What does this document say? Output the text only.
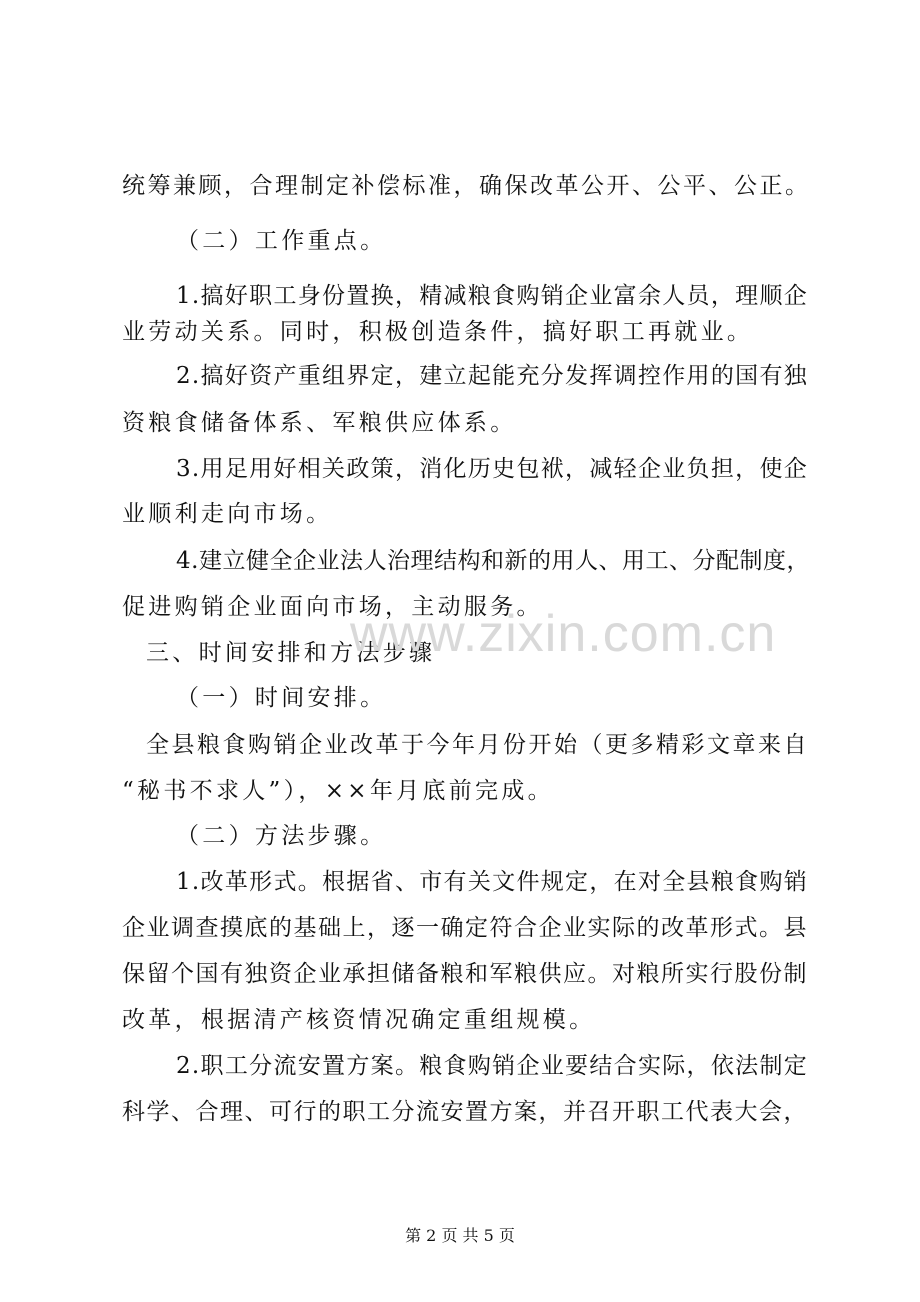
统筹兼顾，合理制定补偿标准，确保改革公开、公平、公正。
（二）工作重点。
1.搞好职工身份置换，精减粮食购销企业富余人员，理顺企
业劳动关系。同时，积极创造条件，搞好职工再就业。
2.搞好资产重组界定，建立起能充分发挥调控作用的国有独
资粮食储备体系、军粮供应体系。
3.用足用好相关政策，消化历史包袱，减轻企业负担，使企
业顺利走向市场。
4.建立健全企业法人治理结构和新的用人、用工、分配制度，
促进购销企业面向市场，主动服务。
三、时间安排和方法步骤
（一）时间安排。
全县粮食购销企业改革于今年月份开始（更多精彩文章来自
“秘书不求人”），××年月底前完成。
（二）方法步骤。
1.改革形式。根据省、市有关文件规定，在对全县粮食购销
企业调查摸底的基础上，逐一确定符合企业实际的改革形式。县
保留个国有独资企业承担储备粮和军粮供应。对粮所实行股份制
改革，根据清产核资情况确定重组规模。
2.职工分流安置方案。粮食购销企业要结合实际，依法制定
科学、合理、可行的职工分流安置方案，并召开职工代表大会，
www.zixin.com.cn
第 2 页 共 5 页
